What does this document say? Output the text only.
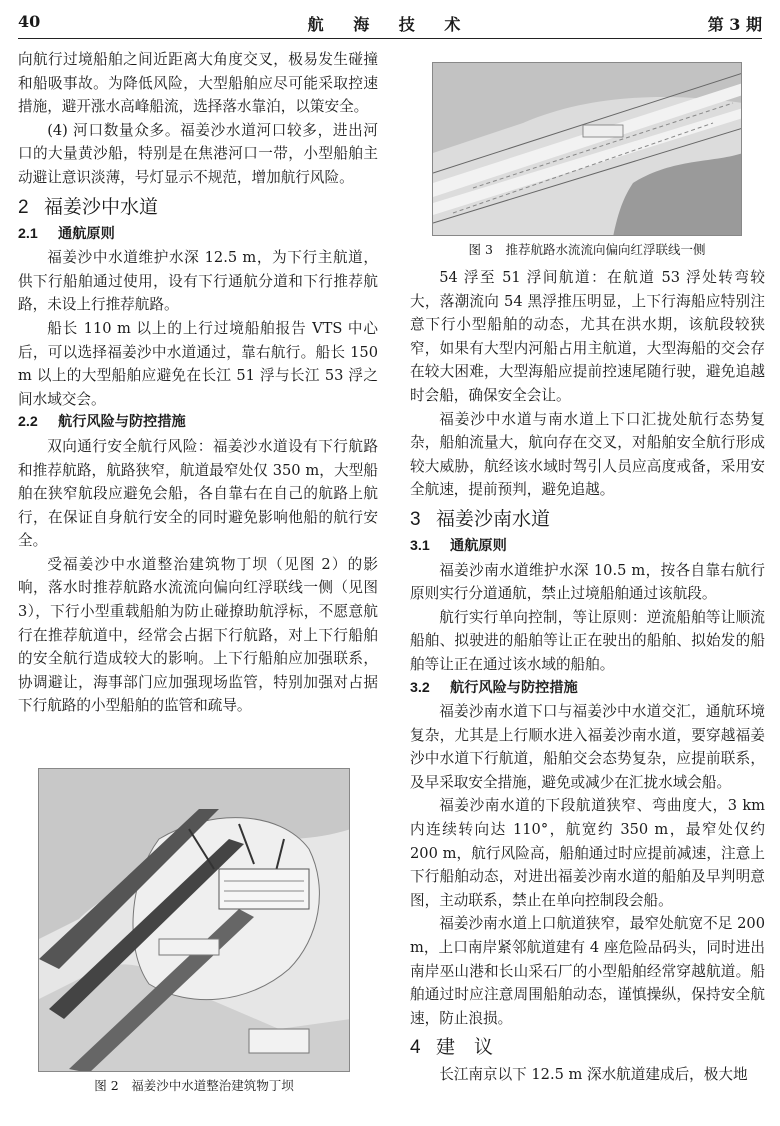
40	航 海 技 术	第 3 期

向航行过境船舶之间近距离大角度交叉，极易发生碰撞和船吸事故。为降低风险，大型船舶应尽可能采取控速措施，避开涨水高峰船流，选择落水靠泊，以策安全。

(4) 河口数量众多。福姜沙水道河口较多，进出河口的大量黄沙船，特别是在焦港河口一带，小型船舶主动避让意识淡薄，号灯显示不规范，增加航行风险。

2 福姜沙中水道
2.1 通航原则

福姜沙中水道维护水深 12.5 m，为下行主航道，供下行船舶通过使用，设有下行通航分道和下行推荐航路，未设上行推荐航路。

船长 110 m 以上的上行过境船舶报告 VTS 中心后，可以选择福姜沙中水道通过，靠右航行。船长 150 m 以上的大型船舶应避免在长江 51 浮与长江 53 浮之间水域交会。

2.2 航行风险与防控措施

双向通行安全航行风险：福姜沙水道设有下行航路和推荐航路，航路狭窄，航道最窄处仅 350 m，大型船舶在狭窄航段应避免会船，各自靠右在自己的航路上航行，在保证自身航行安全的同时避免影响他船的航行安全。

受福姜沙中水道整治建筑物丁坝（见图 2）的影响，落水时推荐航路水流流向偏向红浮联线一侧（见图 3），下行小型重载船舶为防止碰撩助航浮标，不愿意航行在推荐航道中，经常会占据下行航路，对上下行船舶的安全航行造成较大的影响。上下行船舶应加强联系，协调避让，海事部门应加强现场监管，特别加强对占据下行航路的小型船舶的监管和疏导。

图 2　福姜沙中水道整治建筑物丁坝
图 3　推荐航路水流流向偏向红浮联线一侧

54 浮至 51 浮间航道：在航道 53 浮处转弯较大，落潮流向 54 黑浮推压明显，上下行海船应特别注意下行小型船舶的动态，尤其在洪水期，该航段较狭窄，如果有大型内河船占用主航道，大型海船的交会存在较大困难，大型海船应提前控速尾随行驶，避免追越时会船，确保安全会让。

福姜沙中水道与南水道上下口汇拢处航行态势复杂，船舶流量大，航向存在交叉，对船舶安全航行形成较大威胁，航经该水域时驾引人员应高度戒备，采用安全航速，提前预判，避免追越。

3 福姜沙南水道
3.1 通航原则

福姜沙南水道维护水深 10.5 m，按各自靠右航行原则实行分道通航，禁止过境船舶通过该航段。

航行实行单向控制，等让原则：逆流船舶等让顺流船舶、拟驶进的船舶等让正在驶出的船舶、拟始发的船舶等让正在通过该水域的船舶。

3.2 航行风险与防控措施

福姜沙南水道下口与福姜沙中水道交汇，通航环境复杂，尤其是上行顺水进入福姜沙南水道，要穿越福姜沙中水道下行航道，船舶交会态势复杂，应提前联系，及早采取安全措施，避免或减少在汇拢水域会船。

福姜沙南水道的下段航道狭窄、弯曲度大，3 km 内连续转向达 110°，航宽约 350 m，最窄处仅约 200 m，航行风险高，船舶通过时应提前减速，注意上下行船舶动态，对进出福姜沙南水道的船舶及早判明意图，主动联系，禁止在单向控制段会船。

福姜沙南水道上口航道狭窄，最窄处航宽不足 200 m，上口南岸紧邻航道建有 4 座危险品码头，同时进出南岸巫山港和长山采石厂的小型船舶经常穿越航道。船舶通过时应注意周围船舶动态，谨慎操纵，保持安全航速，防止浪损。

4 建　议

长江南京以下 12.5 m 深水航道建成后，极大地
